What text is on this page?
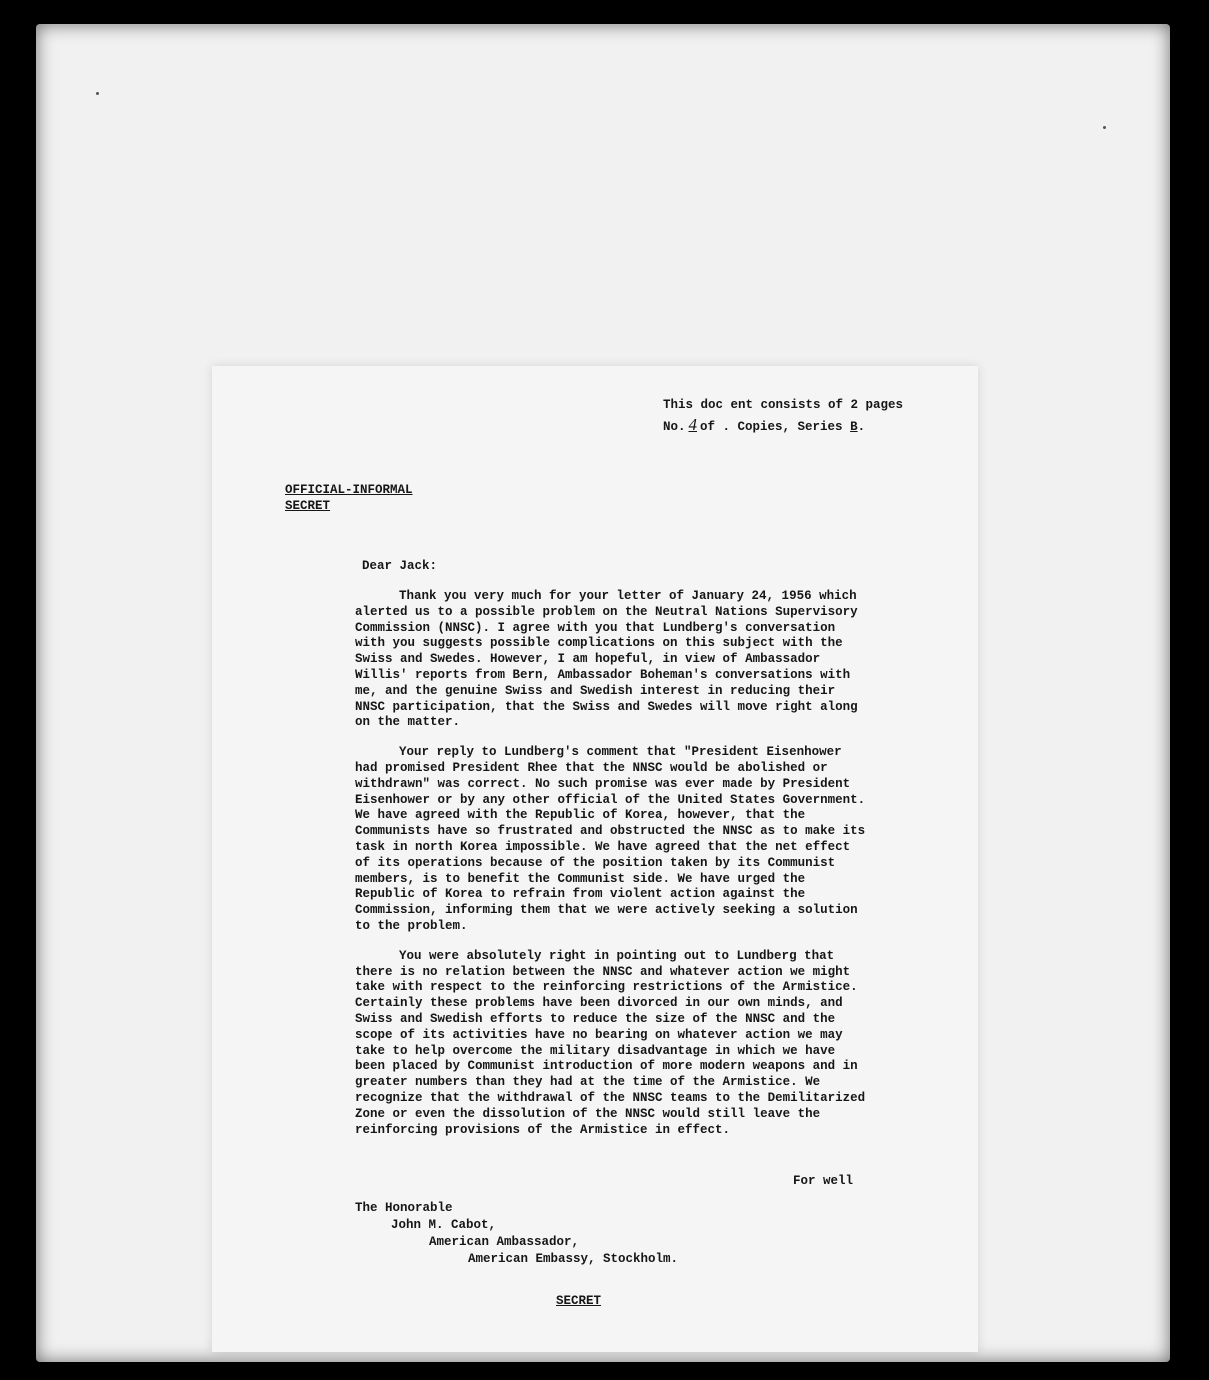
This doc ent consists of 2 pages
No. 4 of . Copies, Series B.
OFFICIAL-INFORMAL
SECRET
Dear Jack:

Thank you very much for your letter of January 24, 1956 which alerted us to a possible problem on the Neutral Nations Supervisory Commission (NNSC). I agree with you that Lundberg's conversation with you suggests possible complications on this subject with the Swiss and Swedes. However, I am hopeful, in view of Ambassador Willis' reports from Bern, Ambassador Boheman's conversations with me, and the genuine Swiss and Swedish interest in reducing their NNSC participation, that the Swiss and Swedes will move right along on the matter.

Your reply to Lundberg's comment that "President Eisenhower had promised President Rhee that the NNSC would be abolished or withdrawn" was correct. No such promise was ever made by President Eisenhower or by any other official of the United States Government. We have agreed with the Republic of Korea, however, that the Communists have so frustrated and obstructed the NNSC as to make its task in north Korea impossible. We have agreed that the net effect of its operations because of the position taken by its Communist members, is to benefit the Communist side. We have urged the Republic of Korea to refrain from violent action against the Commission, informing them that we were actively seeking a solution to the problem.

You were absolutely right in pointing out to Lundberg that there is no relation between the NNSC and whatever action we might take with respect to the reinforcing restrictions of the Armistice. Certainly these problems have been divorced in our own minds, and Swiss and Swedish efforts to reduce the size of the NNSC and the scope of its activities have no bearing on whatever action we may take to help overcome the military disadvantage in which we have been placed by Communist introduction of more modern weapons and in greater numbers than they had at the time of the Armistice. We recognize that the withdrawal of the NNSC teams to the Demilitarized Zone or even the dissolution of the NNSC would still leave the reinforcing provisions of the Armistice in effect.

For well
The Honorable
John M. Cabot,
American Ambassador,
American Embassy, Stockholm.
SECRET
